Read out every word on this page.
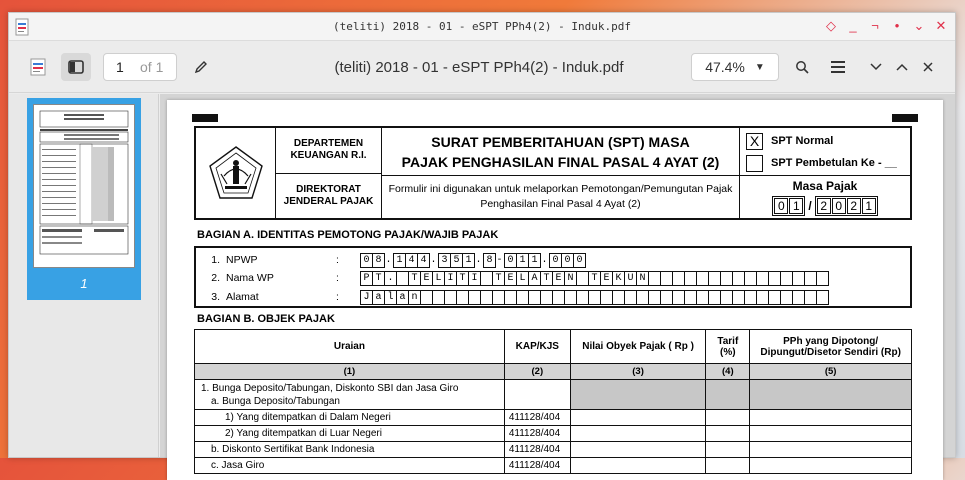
(teliti) 2018 - 01 - eSPT PPh4(2) - Induk.pdf	◇ _ ¬ • ⌄ ✕
1	of 1	(teliti) 2018 - 01 - eSPT PPh4(2) - Induk.pdf	47.4% ▼
1
DEPARTEMEN KEUANGAN R.I.
DIREKTORAT JENDERAL PAJAK
SURAT PEMBERITAHUAN (SPT) MASA
PAJAK PENGHASILAN FINAL PASAL 4 AYAT (2)
Formulir ini digunakan untuk melaporkan Pemotongan/Pemungutan Pajak Penghasilan Final Pasal 4 Ayat (2)
X	SPT Normal
SPT Pembetulan Ke - __
Masa Pajak
0 1 / 2 0 2 1
BAGIAN A. IDENTITAS PEMOTONG PAJAK/WAJIB PAJAK
1. NPWP	:	0 8 . 1 4 4 . 3 5 1 . 8 - 0 1 1 . 0 0 0
2. Nama WP	:	P T .	T E L I T I	T E L A T E N	T E K U N
3. Alamat	:	J a l a n
BAGIAN B. OBJEK PAJAK
Uraian	KAP/KJS	Nilai Obyek Pajak ( Rp )	Tarif (%)	PPh yang Dipotong/ Dipungut/Disetor Sendiri (Rp)
(1)	(2)	(3)	(4)	(5)

1. Bunga Deposito/Tabungan, Diskonto SBI dan Jasa Giro
a. Bunga Deposito/Tabungan				

1) Yang ditempatkan di Dalam Negeri	411128/404			

2) Yang ditempatkan di Luar Negeri	411128/404			

b. Diskonto Sertifikat Bank Indonesia	411128/404			

c. Jasa Giro	411128/404			
